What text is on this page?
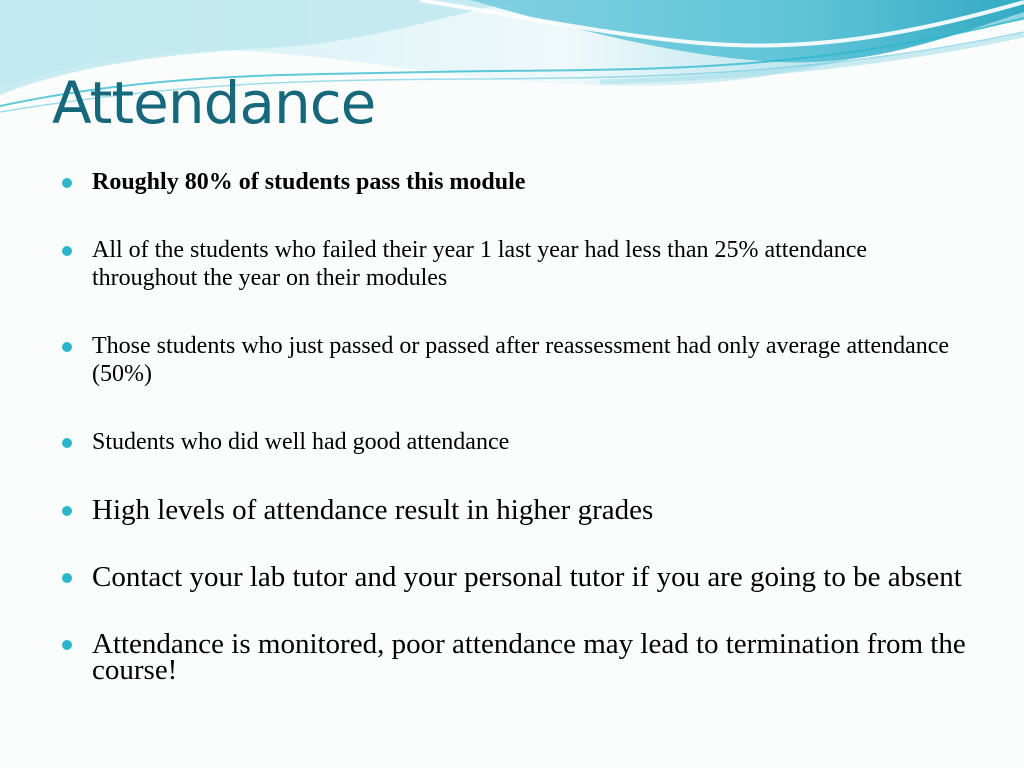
Attendance
Roughly 80% of students pass this module
All of the students who failed their year 1 last year had less than 25% attendance throughout the year on their modules
Those students who just passed or passed after reassessment had only average attendance (50%)
Students who did well had good attendance
High levels of attendance result in higher grades
Contact your lab tutor and your personal tutor if you are going to be absent
Attendance is monitored, poor attendance may lead to termination from the course!
